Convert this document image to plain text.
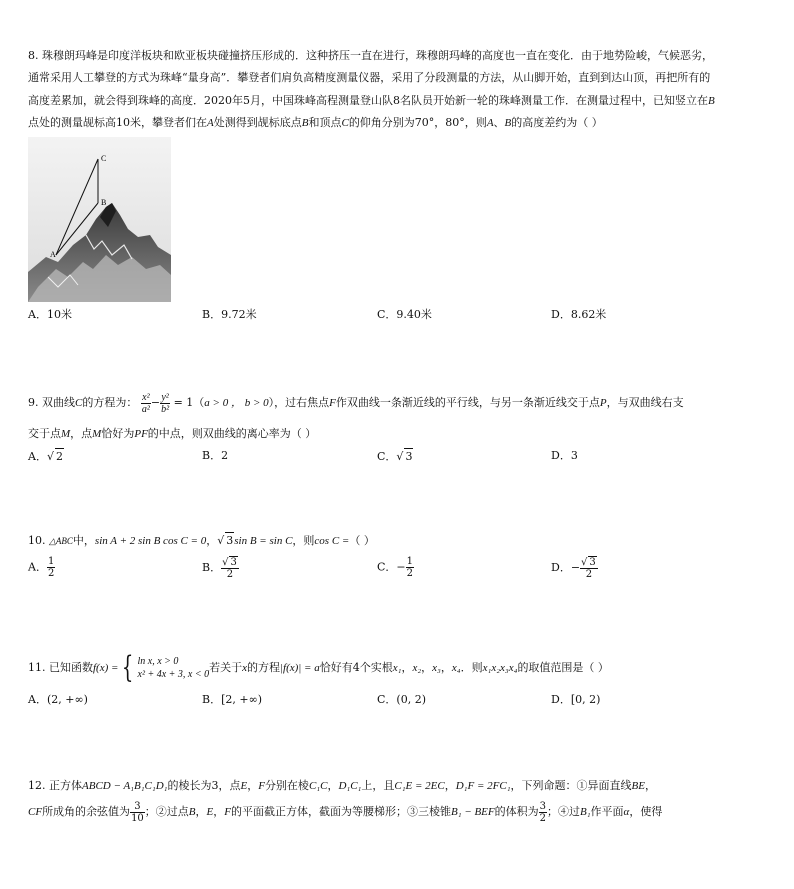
8. 珠穆朗玛峰是印度洋板块和欧亚板块碰撞挤压形成的．这种挤压一直在进行，珠穆朗玛峰的高度也一直在变化．由于地势险峻，气候恶劣，
通常采用人工攀登的方式为珠峰“量身高”．攀登者们肩负高精度测量仪器，采用了分段测量的方法，从山脚开始，直到到达山顶，再把所有的
高度差累加，就会得到珠峰的高度．2020年5月，中国珠峰高程测量登山队8名队员开始新一轮的珠峰测量工作．在测量过程中，已知竖立在B
点处的测量觇标高10米，攀登者们在A处测得到觇标底点B和顶点C的仰角分别为70°，80°，则A、B的高度差约为（ ）
C
B
A
A．10米	B．9.72米	C．9.40米	D．8.62米
9. 双曲线C的方程为： $\frac{\text{x²}}{\text{a²}} - \frac{\text{y²}}{\text{b²}} = 1(a > 0$ ， b > 0），过右焦点F作双曲线一条渐近线的平行线，与另一条渐近线交于点P，与双曲线右支
交于点M，点M恰好为PF的中点，则双曲线的离心率为（ ）
A．√ 2	B．2	C．√ 3	D．3
10. △ABC中，sin A + 2 sin B cos C = 0，√ 3sin B = sin C，则cos C =（ ）
A． $\frac{1}{2}$	B． $\frac{√ 3}{2}$	C．− $\frac{1}{2}$	D．− $\frac{√ 3}{2}$
11. 已知函数f(x) = { ln x, x > 0
x² + 4x + 3, x < 0
若关于x的方程|f(x)| = a恰好有4个实根x₁，x₂，x₃，x₄．则x₁x₂x₃x₄的取值范围是（ ）
A．(2, +∞)	B．[2, +∞)	C．(0, 2)	D．[0, 2)
12. 正方体ABCD − A₁B₁C₁D₁的棱长为3，点E，F分别在棱C₁C，D₁C₁上，且C₁E = 2EC，D₁F = 2FC₁，下列命题：①异面直线BE，
CF所成角的余弦值为 $\frac{3}{10}$ ；②过点B，E，F的平面截正方体，截面为等腰梯形；③三棱锥B₁ − BEF的体积为 $\frac{3}{2}$ ；④过B₁作平面α，使得
